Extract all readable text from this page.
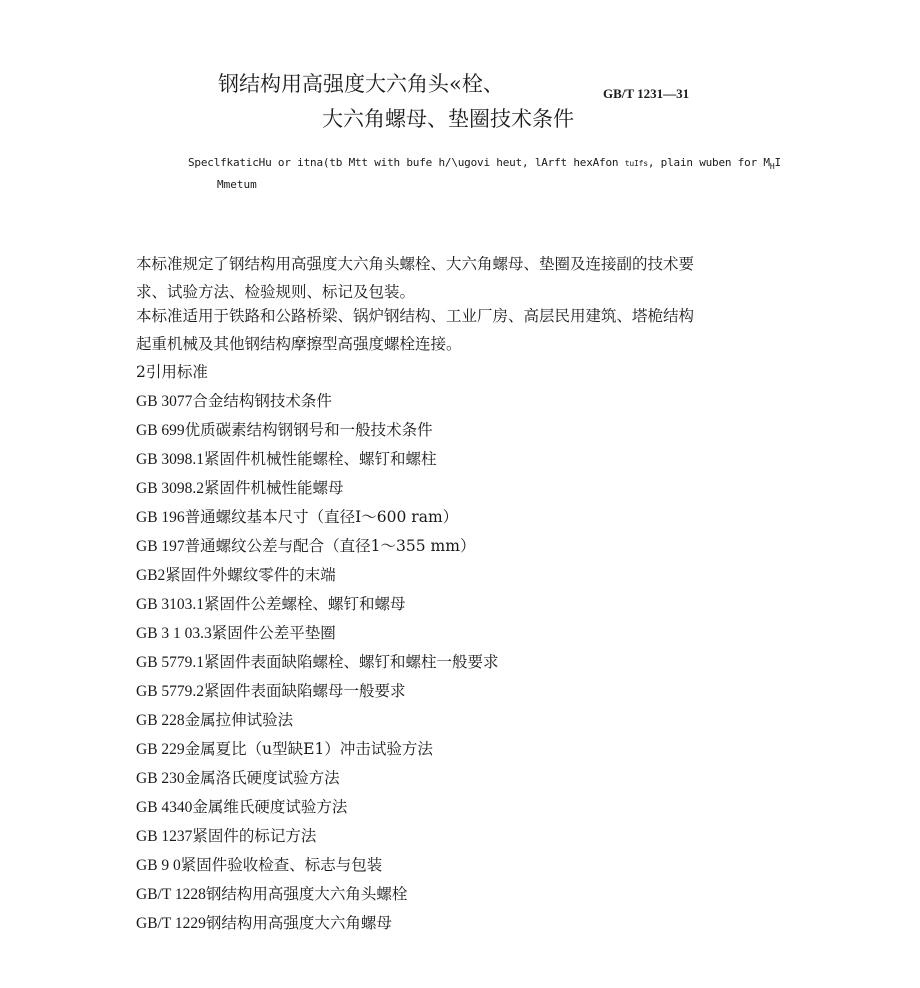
钢结构用高强度大六角头«栓、	GB/T 1231—31
大六角螺母、垫圈技术条件
SpeclfkaticHu or itna(tb Mtt with bufe h/\ugovi heut, lArft hexAfon tuIfs, plain wuben for $M_HI$
Mmetum
本标准规定了钢结构用高强度大六角头螺栓、大六角螺母、垫圈及连接副的技术要
求、试验方法、检验规则、标记及包装。
本标准适用于铁路和公路桥梁、锅炉钢结构、工业厂房、高层民用建筑、塔桅结构
起重机械及其他钢结构摩擦型高强度螺栓连接。
2引用标准
GB 3077合金结构钢技术条件
GB 699优质碳素结构钢钢号和一般技术条件
GB 3098.1紧固件机械性能螺栓、螺钉和螺柱
GB 3098.2紧固件机械性能螺母
GB 196普通螺纹基本尺寸（直径I～600 ram）
GB 197普通螺纹公差与配合（直径1～355 mm）
GB2紧固件外螺纹零件的末端
GB 3103.1紧固件公差螺栓、螺钉和螺母
GB 3 1 03.3紧固件公差平垫圈
GB 5779.1紧固件表面缺陷螺栓、螺钉和螺柱一般要求
GB 5779.2紧固件表面缺陷螺母一般要求
GB 228金属拉伸试验法
GB 229金属夏比（u型缺E1）冲击试验方法
GB 230金属洛氏硬度试验方法
GB 4340金属维氏硬度试验方法
GB 1237紧固件的标记方法
GB 9 0紧固件验收检查、标志与包装
GB/T 1228钢结构用高强度大六角头螺栓
GB/T 1229钢结构用高强度大六角螺母
